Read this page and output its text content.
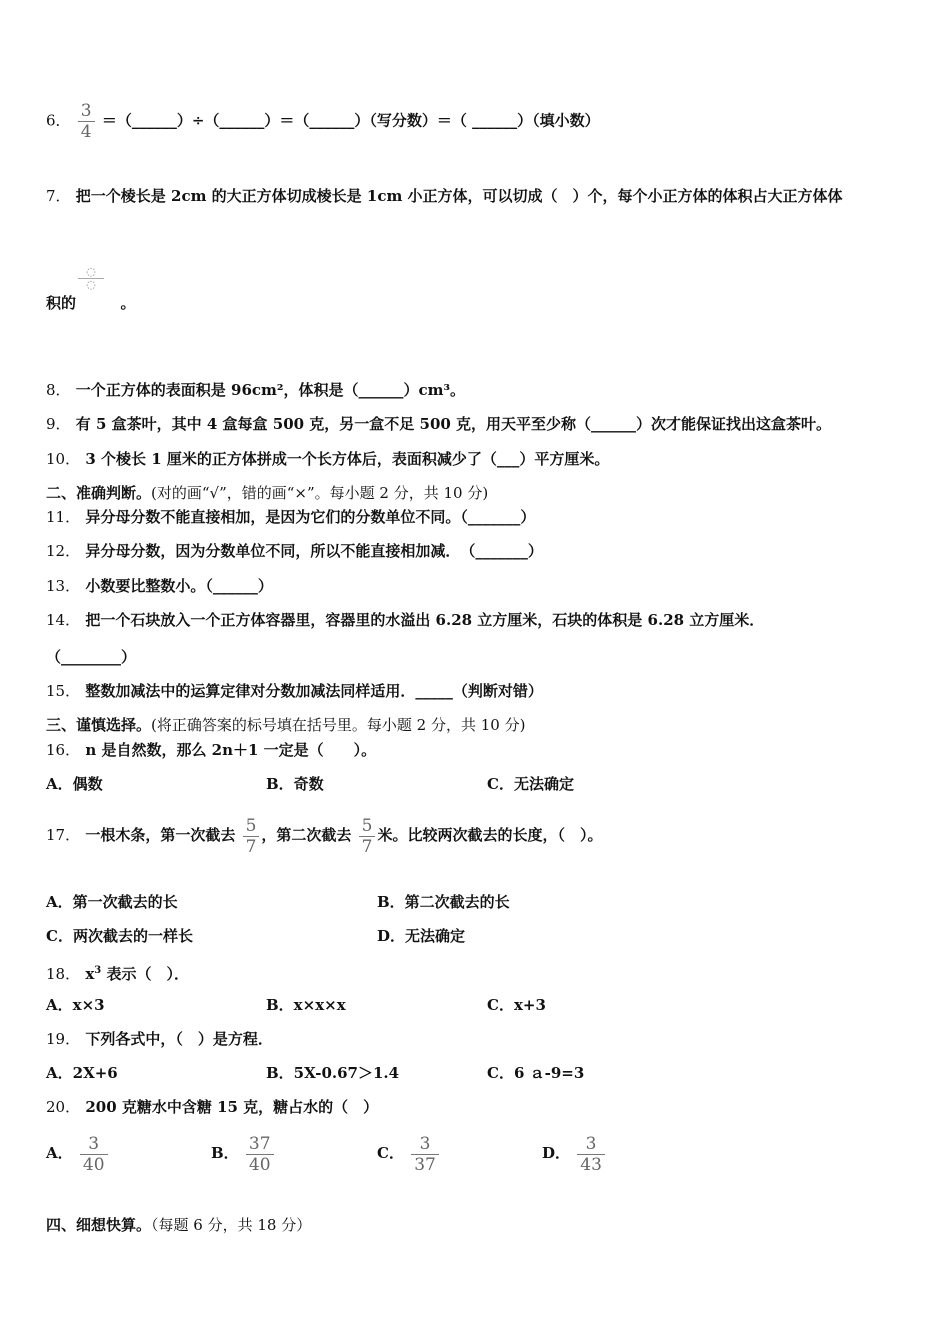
6． $\frac{3}{4}$ ＝（______）÷（______）＝（______）（写分数）＝（ ______）（填小数）
7． 把一个棱长是 2cm 的大正方体切成棱长是 1cm 小正方体，可以切成（　）个，每个小正方体的体积占大正方体体
积的	。
◌
◌
8． 一个正方体的表面积是 96cm²，体积是（______）cm³。
9． 有 5 盒茶叶，其中 4 盒每盒 500 克，另一盒不足 500 克，用天平至少称（______）次才能保证找出这盒茶叶。
10． 3 个棱长 1 厘米的正方体拼成一个长方体后，表面积减少了（___）平方厘米。
二、准确判断。(对的画“√”，错的画“×”。每小题 2 分，共 10 分)
11． 异分母分数不能直接相加，是因为它们的分数单位不同。（_______）
12． 异分母分数，因为分数单位不同，所以不能直接相加减．　（_______）
13． 小数要比整数小。（______）
14． 把一个石块放入一个正方体容器里，容器里的水溢出 6.28 立方厘米，石块的体积是 6.28 立方厘米．
（________）
15． 整数加减法中的运算定律对分数加减法同样适用．_____（判断对错）
三、谨慎选择。(将正确答案的标号填在括号里。每小题 2 分，共 10 分)
16． n 是自然数，那么 2n＋1 一定是（　　）。
A．偶数	B．奇数	C．无法确定
17． 一根木条，第一次截去 $\frac{5}{7}$ ，第二次截去 $\frac{5}{7}$ 米。比较两次截去的长度，（　）。
A．第一次截去的长	B．第二次截去的长
C．两次截去的一样长	D．无法确定
18． $x^3$ 表示（　）．
A．x×3	B．x×x×x	C．x+3
19． 下列各式中，（　）是方程．
A．2X+6	B．5X-0.67＞1.4	C．6 ａ-9=3
20． 200 克糖水中含糖 15 克，糖占水的（　）
A． $\frac{3}{40}$	B． $\frac{37}{40}$	C． $\frac{3}{37}$	D． $\frac{3}{43}$
四、细想快算。（每题 6 分，共 18 分）
